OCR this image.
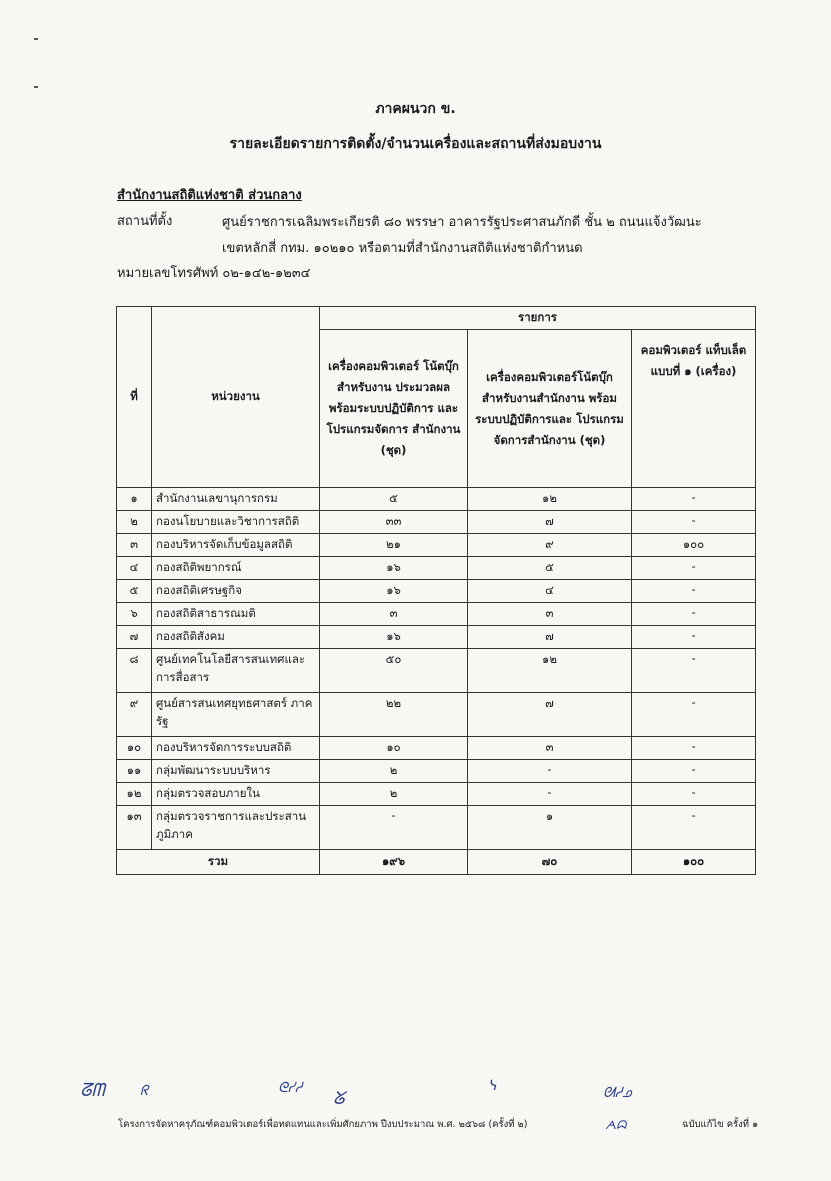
ภาคผนวก ข.
รายละเอียดรายการติดตั้ง/จำนวนเครื่องและสถานที่ส่งมอบงาน
สำนักงานสถิติแห่งชาติ ส่วนกลาง
สถานที่ตั้ง	ศูนย์ราชการเฉลิมพระเกียรติ ๘๐ พรรษา อาคารรัฐประศาสนภักดี ชั้น ๒ ถนนแจ้งวัฒนะ
เขตหลักสี่ กทม. ๑๐๒๑๐ หรือตามที่สำนักงานสถิติแห่งชาติกำหนด
หมายเลขโทรศัพท์ ๐๒-๑๔๒-๑๒๓๔
ที่	หน่วยงาน	รายการ		
		เครื่องคอมพิวเตอร์ โน้ตบุ๊ก สำหรับงาน ประมวลผล พร้อมระบบปฏิบัติการ และโปรแกรมจัดการ สำนักงาน (ชุด)	เครื่องคอมพิวเตอร์โน้ตบุ๊ก สำหรับงานสำนักงาน พร้อมระบบปฏิบัติการและ โปรแกรมจัดการสำนักงาน (ชุด)	คอมพิวเตอร์ แท็บเล็ต แบบที่ ๑ (เครื่อง)
๑	สำนักงานเลขานุการกรม	๕	๑๒	-
๒	กองนโยบายและวิชาการสถิติ	๓๓	๗	-
๓	กองบริหารจัดเก็บข้อมูลสถิติ	๒๑	๙	๑๐๐
๔	กองสถิติพยากรณ์	๑๖	๕	-
๕	กองสถิติเศรษฐกิจ	๑๖	๔	-
๖	กองสถิติสาธารณมติ	๓	๓	-
๗	กองสถิติสังคม	๑๖	๗	-
๘	ศูนย์เทคโนโลยีสารสนเทศและ การสื่อสาร	๕๐	๑๒	-
๙	ศูนย์สารสนเทศยุทธศาสตร์ ภาครัฐ	๒๒	๗	-
๑๐	กองบริหารจัดการระบบสถิติ	๑๐	๓	-
๑๑	กลุ่มพัฒนาระบบบริหาร	๒	-	-
๑๒	กลุ่มตรวจสอบภายใน	๒	-	-
๑๓	กลุ่มตรวจราชการและประสาน ภูมิภาค	-	๑	-
รวม		๑๙๖	๗๐	๑๐๐
ᘔᗰ	ᖇ	ᘓᓯᓱ ᘜ
ᓭ	ᘛᓱᓄ
ᗅᗣ
โครงการจัดหาครุภัณฑ์คอมพิวเตอร์เพื่อทดแทนและเพิ่มศักยภาพ ปีงบประมาณ พ.ศ. ๒๕๖๘ (ครั้งที่ ๒)	ฉบับแก้ไข ครั้งที่ ๑
